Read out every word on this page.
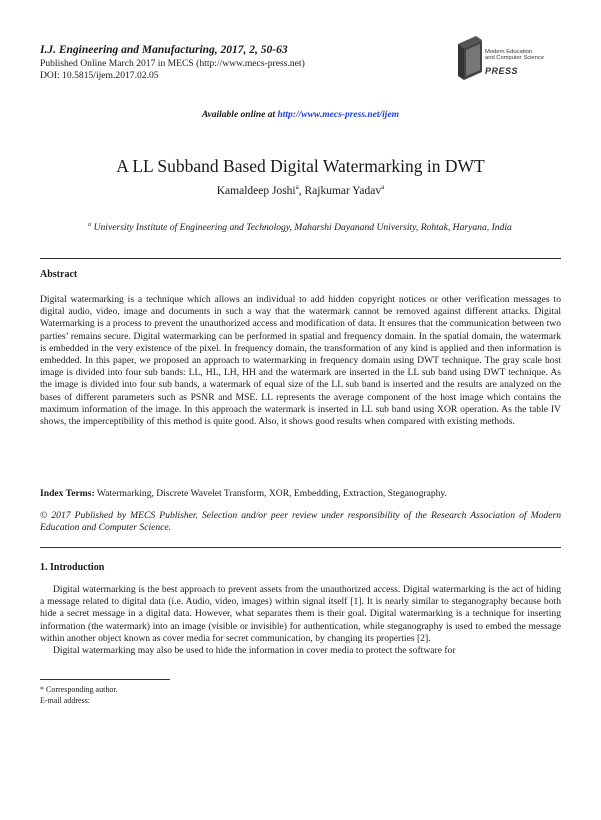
I.J. Engineering and Manufacturing, 2017, 2, 50-63
Published Online March 2017 in MECS (http://www.mecs-press.net)
DOI: 10.5815/ijem.2017.02.05
Modern Education
and Computer Science
PRESS
Available online at http://www.mecs-press.net/ijem
A LL Subband Based Digital Watermarking in DWT
Kamaldeep Joshi$^a$, Rajkumar Yadav$^a$
$^a$ University Institute of Engineering and Technology, Maharshi Dayanand University, Rohtak, Haryana, India
Abstract
Digital watermarking is a technique which allows an individual to add hidden copyright notices or other verification messages to digital audio, video, image and documents in such a way that the watermark cannot be removed against different attacks. Digital Watermarking is a process to prevent the unauthorized access and modification of data. It ensures that the communication between two parties’ remains secure. Digital watermarking can be performed in spatial and frequency domain. In the spatial domain, the watermark is embedded in the very existence of the pixel. In frequency domain, the transformation of any kind is applied and then information is embedded. In this paper, we proposed an approach to watermarking in frequency domain using DWT technique. The gray scale host image is divided into four sub bands: LL, HL, LH, HH and the watermark are inserted in the LL sub band using DWT technique. As the image is divided into four sub bands, a watermark of equal size of the LL sub band is inserted and the results are analyzed on the bases of different parameters such as PSNR and MSE. LL represents the average component of the host image which contains the maximum information of the image. In this approach the watermark is inserted in LL sub band using XOR operation. As the table IV shows, the imperceptibility of this method is quite good. Also, it shows good results when compared with existing methods.
Index Terms: Watermarking, Discrete Wavelet Transform, XOR, Embedding, Extraction, Steganography.
© 2017 Published by MECS Publisher. Selection and/or peer review under responsibility of the Research Association of Modern Education and Computer Science.
1. Introduction

Digital watermarking is the best approach to prevent assets from the unauthorized access. Digital watermarking is the act of hiding a message related to digital data (i.e. Audio, video, images) within signal itself [1]. It is nearly similar to steganography because both hide a secret message in a digital data. However, what separates them is their goal. Digital watermarking is a technique for inserting information (the watermark) into an image (visible or invisible) for authentication, while steganography is used to embed the message within another object known as cover media for secret communication, by changing its properties [2].

Digital watermarking may also be used to hide the information in cover media to protect the software for

* Corresponding author.
E-mail address:
